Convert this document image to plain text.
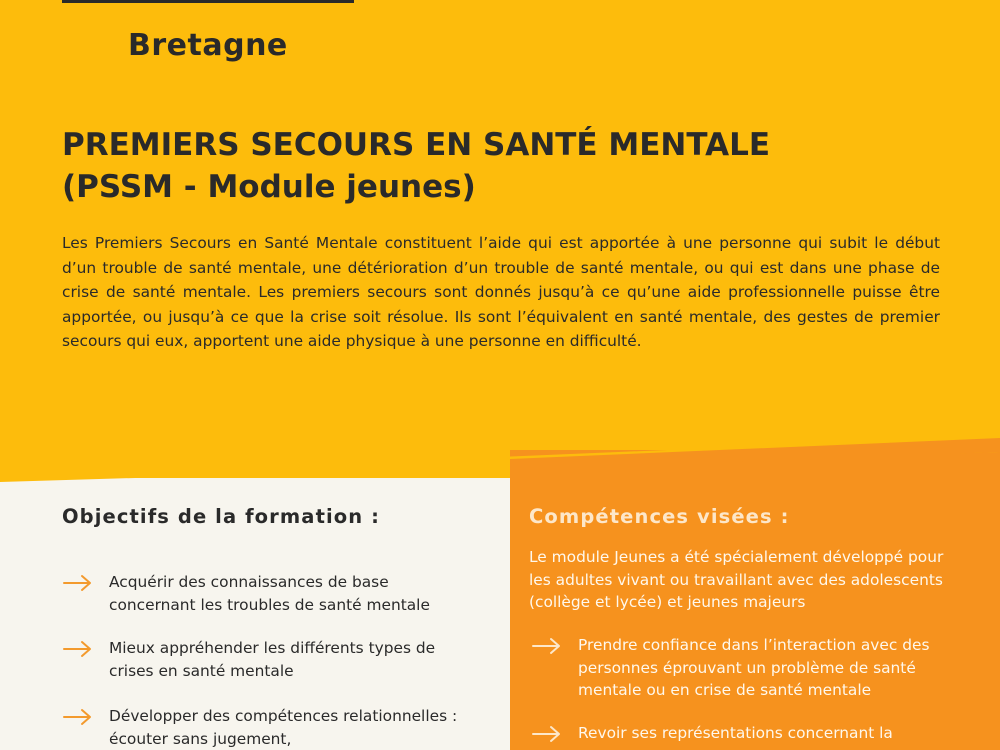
Bretagne
PREMIERS SECOURS EN SANTÉ MENTALE
(PSSM - Module jeunes)
Les Premiers Secours en Santé Mentale constituent l’aide qui est apportée à une personne qui subit le début d’un trouble de santé mentale, une détérioration d’un trouble de santé mentale, ou qui est dans une phase de crise de santé mentale. Les premiers secours sont donnés jusqu’à ce qu’une aide professionnelle puisse être apportée, ou jusqu’à ce que la crise soit résolue. Ils sont l’équivalent en santé mentale, des gestes de premier secours qui eux, apportent une aide physique à une personne en difficulté.
Objectifs de la formation :
Acquérir des connaissances de base concernant les troubles de santé mentale
Mieux appréhender les différents types de crises en santé mentale
Développer des compétences relationnelles : écouter sans jugement,
Compétences visées :
Le module Jeunes a été spécialement développé pour les adultes vivant ou travaillant avec des adolescents (collège et lycée) et jeunes majeurs
Prendre confiance dans l’interaction avec des personnes éprouvant un problème de santé mentale ou en crise de santé mentale
Revoir ses représentations concernant la
